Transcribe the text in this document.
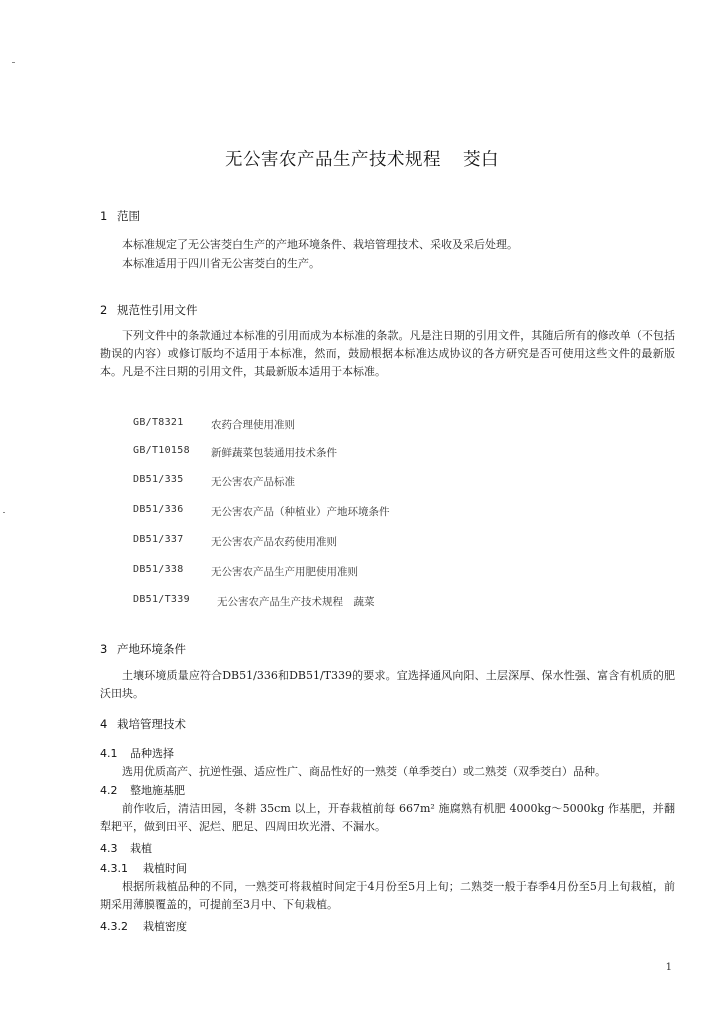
无公害农产品生产技术规程 茭白
1 范围
本标准规定了无公害茭白生产的产地环境条件、栽培管理技术、采收及采后处理。
本标准适用于四川省无公害茭白的生产。
2 规范性引用文件
下列文件中的条款通过本标准的引用而成为本标准的条款。凡是注日期的引用文件，其随后所有的修改单（不包括勘误的内容）或修订版均不适用于本标准，然而，鼓励根据本标准达成协议的各方研究是否可使用这些文件的最新版本。凡是不注日期的引用文件，其最新版本适用于本标准。
GB/T8321	农药合理使用准则
GB/T10158 新鲜蔬菜包装通用技术条件
DB51/335	无公害农产品标准
DB51/336	无公害农产品（种植业）产地环境条件
DB51/337	无公害农产品农药使用准则
DB51/338	无公害农产品生产用肥使用准则
DB51/T339	无公害农产品生产技术规程　蔬菜
3 产地环境条件
土壤环境质量应符合DB51/336和DB51/T339的要求。宜选择通风向阳、土层深厚、保水性强、富含有机质的肥沃田块。
4 栽培管理技术
4.1 品种选择
选用优质高产、抗逆性强、适应性广、商品性好的一熟茭（单季茭白）或二熟茭（双季茭白）品种。
4.2 整地施基肥
前作收后，清洁田园，冬耕 35cm 以上，开春栽植前每 667m² 施腐熟有机肥 4000kg～5000kg 作基肥，并翻犁耙平，做到田平、泥烂、肥足、四周田坎光滑、不漏水。
4.3 栽植
4.3.1 栽植时间
根据所栽植品种的不同，一熟茭可将栽植时间定于4月份至5月上旬；二熟茭一般于春季4月份至5月上旬栽植，前期采用薄膜覆盖的，可提前至3月中、下旬栽植。
4.3.2 栽植密度
1
